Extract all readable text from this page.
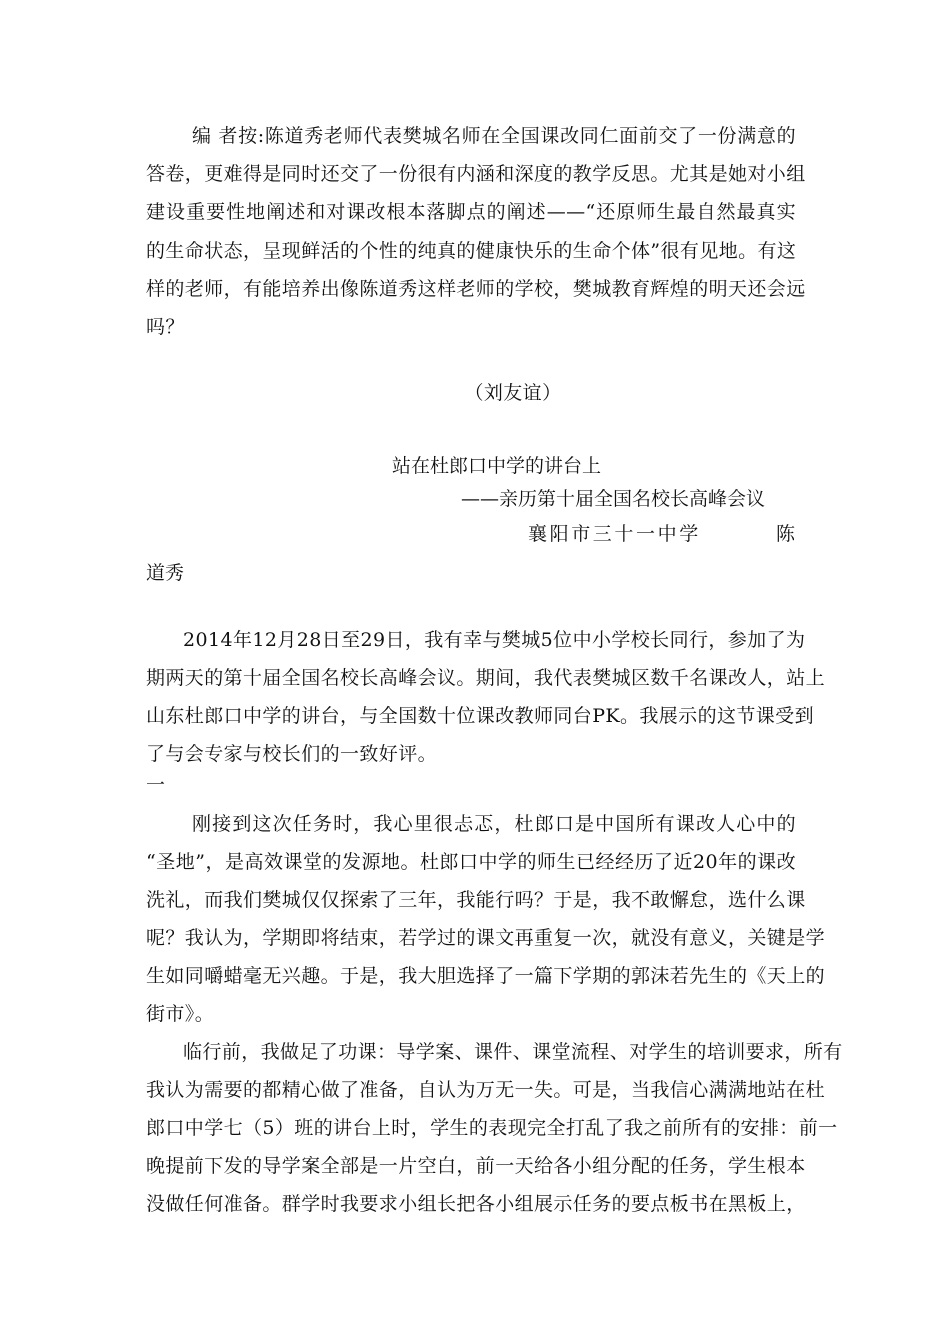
编 者按:陈道秀老师代表樊城名师在全国课改同仁面前交了一份满意的
答卷，更难得是同时还交了一份很有内涵和深度的教学反思。尤其是她对小组
建设重要性地阐述和对课改根本落脚点的阐述——“还原师生最自然最真实
的生命状态，呈现鲜活的个性的纯真的健康快乐的生命个体”很有见地。有这
样的老师，有能培养出像陈道秀这样老师的学校，樊城教育辉煌的明天还会远
吗？
（刘友谊）
站在杜郎口中学的讲台上
——亲历第十届全国名校长高峰会议
襄阳市三十一中学	陈
道秀
2014年12月28日至29日，我有幸与樊城5位中小学校长同行，参加了为
期两天的第十届全国名校长高峰会议。期间，我代表樊城区数千名课改人，站上
山东杜郎口中学的讲台，与全国数十位课改教师同台PK。我展示的这节课受到
了与会专家与校长们的一致好评。
一
刚接到这次任务时，我心里很忐忑，杜郎口是中国所有课改人心中的
“圣地”，是高效课堂的发源地。杜郎口中学的师生已经经历了近20年的课改
洗礼，而我们樊城仅仅探索了三年，我能行吗？于是，我不敢懈怠，选什么课
呢？我认为，学期即将结束，若学过的课文再重复一次，就没有意义，关键是学
生如同嚼蜡毫无兴趣。于是，我大胆选择了一篇下学期的郭沫若先生的《天上的
街市》。
临行前，我做足了功课：导学案、课件、课堂流程、对学生的培训要求，所有
我认为需要的都精心做了准备，自认为万无一失。可是，当我信心满满地站在杜
郎口中学七（5）班的讲台上时，学生的表现完全打乱了我之前所有的安排：前一
晚提前下发的导学案全部是一片空白，前一天给各小组分配的任务，学生根本
没做任何准备。群学时我要求小组长把各小组展示任务的要点板书在黑板上，
